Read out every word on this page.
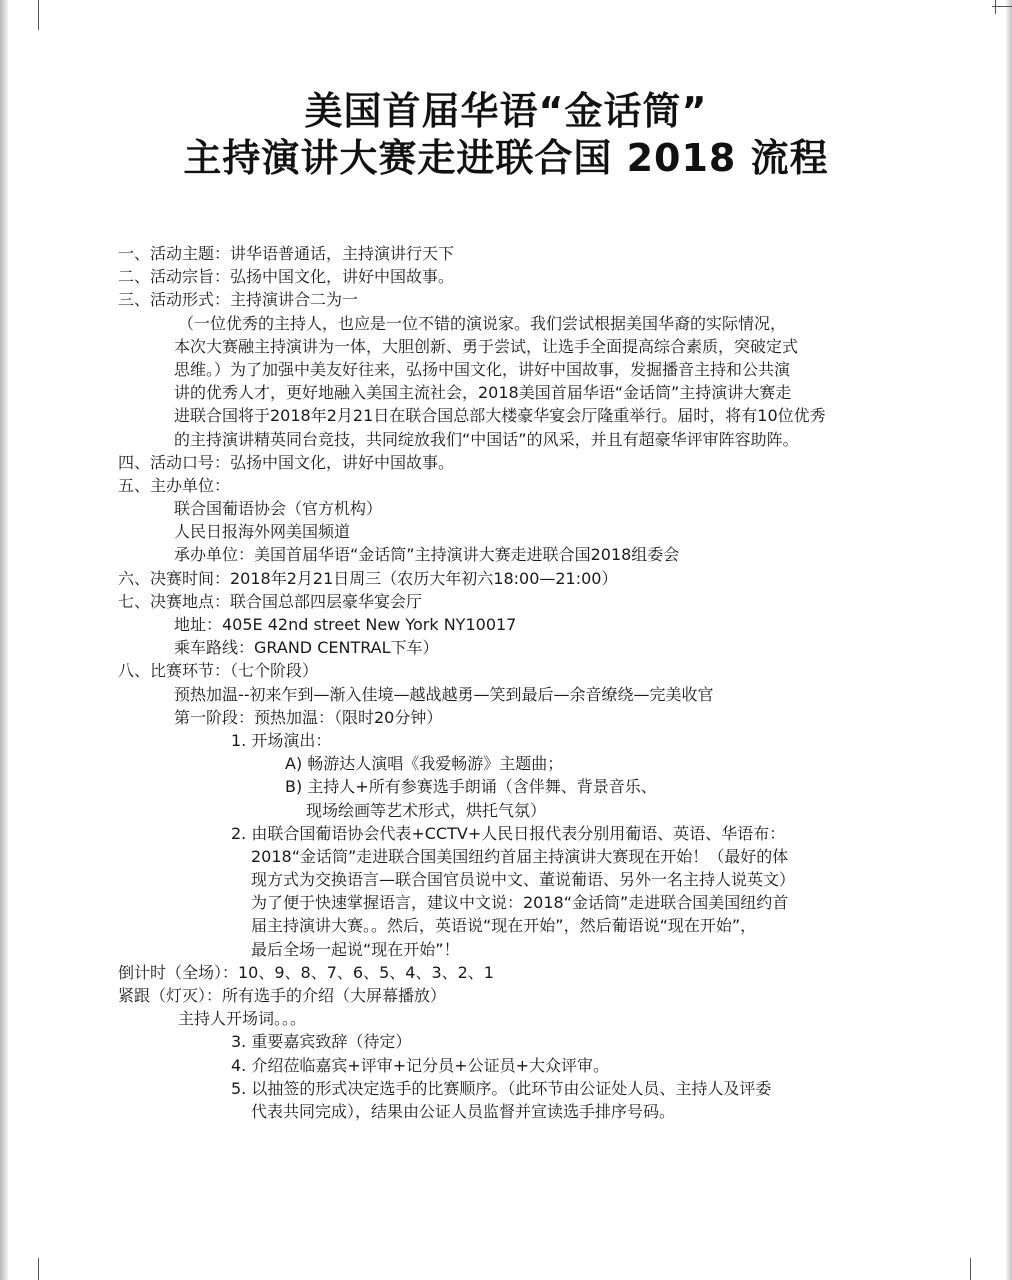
美国首届华语“金话筒”
主持演讲大赛走进联合国 2018 流程
一、活动主题：讲华语普通话，主持演讲行天下
二、活动宗旨：弘扬中国文化，讲好中国故事。
三、活动形式：主持演讲合二为一
（一位优秀的主持人，也应是一位不错的演说家。我们尝试根据美国华裔的实际情况，
本次大赛融主持演讲为一体，大胆创新、勇于尝试，让选手全面提高综合素质，突破定式
思维。）为了加强中美友好往来，弘扬中国文化，讲好中国故事，发掘播音主持和公共演
讲的优秀人才，更好地融入美国主流社会，2018美国首届华语“金话筒”主持演讲大赛走
进联合国将于2018年2月21日在联合国总部大楼豪华宴会厅隆重举行。届时，将有10位优秀
的主持演讲精英同台竞技，共同绽放我们“中国话”的风采，并且有超豪华评审阵容助阵。
四、活动口号：弘扬中国文化，讲好中国故事。
五、主办单位：
联合国葡语协会（官方机构）
人民日报海外网美国频道
承办单位：美国首届华语“金话筒”主持演讲大赛走进联合国2018组委会
六、决赛时间：2018年2月21日周三（农历大年初六18:00—21:00）
七、决赛地点：联合国总部四层豪华宴会厅
地址：405E 42nd street New York NY10017
乘车路线：GRAND CENTRAL下车）
八、比赛环节：（七个阶段）
预热加温--初来乍到—渐入佳境—越战越勇—笑到最后—余音缭绕—完美收官
第一阶段：预热加温：（限时20分钟）
1. 开场演出：
A) 畅游达人演唱《我爱畅游》主题曲；
B) 主持人+所有参赛选手朗诵（含伴舞、背景音乐、
现场绘画等艺术形式，烘托气氛）
2. 由联合国葡语协会代表+CCTV+人民日报代表分别用葡语、英语、华语布：
2018“金话筒”走进联合国美国纽约首届主持演讲大赛现在开始！（最好的体
现方式为交换语言—联合国官员说中文、董说葡语、另外一名主持人说英文）
为了便于快速掌握语言，建议中文说：2018“金话筒”走进联合国美国纽约首
届主持演讲大赛。。然后，英语说“现在开始”，然后葡语说“现在开始”，
最后全场一起说“现在开始”！
倒计时（全场）：10、9、8、7、6、5、4、3、2、1
紧跟（灯灭）：所有选手的介绍（大屏幕播放）
主持人开场词。。。
3. 重要嘉宾致辞（待定）
4. 介绍莅临嘉宾+评审+记分员+公证员+大众评审。
5. 以抽签的形式决定选手的比赛顺序。（此环节由公证处人员、主持人及评委
代表共同完成），结果由公证人员监督并宣读选手排序号码。
